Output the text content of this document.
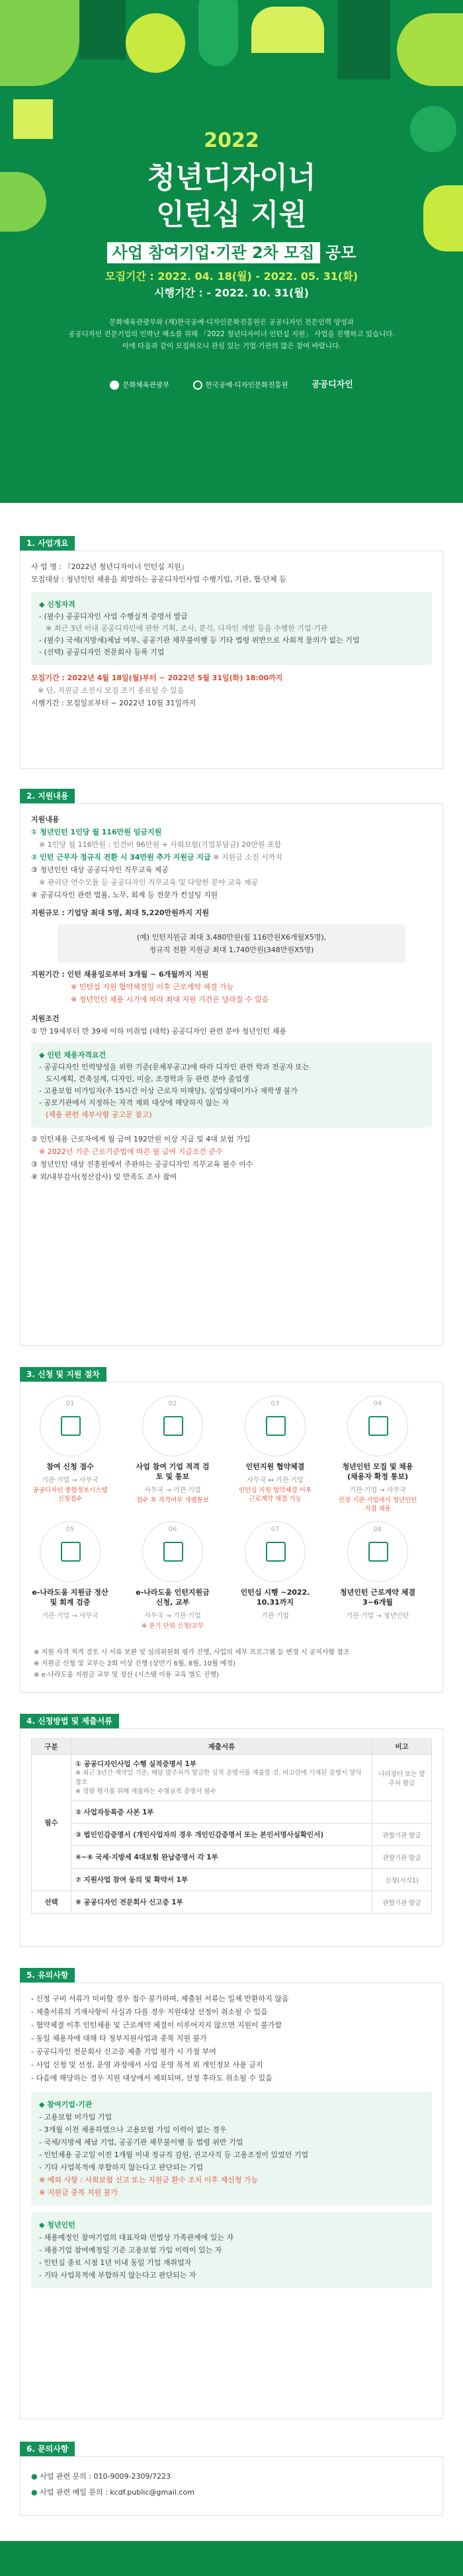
2022
청년디자이너
인턴십 지원
사업 참여기업·기관 2차 모집 공모
모집기간 : 2022. 04. 18(월) - 2022. 05. 31(화)
시행기간 : - 2022. 10. 31(월)
문화체육관광부와 (재)한국공예·디자인문화진흥원은 공공디자인 전문인력 양성과
공공디자인 전문기업의 인력난 해소를 위해 「2022 청년디자이너 인턴십 지원」 사업을 진행하고 있습니다.
이에 다음과 같이 모집하오니 관심 있는 기업·기관의 많은 참여 바랍니다.
문화체육관광부	한국공예·디자인문화진흥원	공공디자인
1. 사업개요
사 업 명 : 『2022년 청년디자이너 인턴십 지원』
모집대상 : 청년인턴 채용을 희망하는 공공디자인사업 수행기업, 기관, 협·단체 등
◆ 신청자격
- (필수) 공공디자인 사업 수행실적 증명서 발급
※ 최근 3년 이내 공공디자인에 관한 기획, 조사, 분석, 디자인 개발 등을 수행한 기업·기관
- (필수) 국세(지방세)체납 여부, 공공기관 채무불이행 등 기타 법령 위반으로 사회적 물의가 없는 기업
- (선택) 공공디자인 전문회사 등록 기업
모집기간 : 2022년 4월 18일(월)부터 ~ 2022년 5월 31일(화) 18:00까지
※ 단, 지원금 소진시 모집 조기 종료될 수 있음
시행기간 : 모집일로부터 ~ 2022년 10월 31일까지
2. 지원내용
지원내용
① 청년인턴 1인당 월 116만원 임금지원
※ 1인당 월 116만원 : 인건비 96만원 + 사회보험(기업부담금) 20만원 포함
② 인턴 근무자 정규직 전환 시 34만원 추가 지원금 지급 ※ 지원금 소진 시까지
③ 청년인턴 대상 공공디자인 직무교육 제공
※ 관리단 연수모듈 등 공공디자인 직무교육 및 다양한 분야 교육 제공
④ 공공디자인 관련 법률, 노무, 회계 등 전문가 컨설팅 지원
지원규모 : 기업당 최대 5명, 최대 5,220만원까지 지원
(예) 인턴지원금 최대 3,480만원(월 116만원X6개월X5명),
정규직 전환 지원금 최대 1,740만원(348만원X5명)
지원기간 : 인턴 채용일로부터 3개월 ~ 6개월까지 지원
※ 인턴십 지원 협약체결일 이후 근로계약 체결 가능
※ 청년인턴 채용 시기에 따라 최대 지원 기간은 달라질 수 있음
지원조건
① 만 19세부터 만 39세 이하 미취업 (대학) 공공디자인 관련 분야 청년인턴 채용
◆ 인턴 채용자격요건
- 공공디자인 인력양성을 위한 기준(문체부공고)에 따라 디자인 관련 학과 전공자 또는
도시계획, 건축설계, 디자인, 미술, 조경학과 등 관련 분야 졸업생
- 고용보험 미가입자(주 15시간 이상 근로자 미해당), 실업상태이거나 재학생 불가
- 공모기관에서 지정하는 자격 제외 대상에 해당하지 않는 자
(채용 관련 세부사항 공고문 참고)
② 인턴채용 근로자에게 월 급여 192만원 이상 지급 및 4대 보험 가입
※ 2022년 기준 근로기준법에 따른 월 급여 지급조건 준수
③ 청년인턴 대상 진흥원에서 주관하는 공공디자인 직무교육 필수 이수
④ 외/내부감사(정산감사) 및 만족도 조사 참여
3. 신청 및 지원 절차
01
참여 신청 접수
기관·기업 → 사무국
공공디자인 종합정보시스템 신청접수
02
사업 참여 기업 적격 검토 및 통보
사무국 → 기관·기업
접수 후 적격여부 개별통보
03
인턴지원 협약체결
사무국 ↔ 기관·기업
인턴십 지원 협약체결 이후 근로계약 체결 가능
04
청년인턴 모집 및 채용(채용자 확정 통보)
기관·기업 → 사무국
선정 기관·기업에서 청년인턴 직접 채용
05
e-나라도움 지원금 정산 및 회계 검증
기관·기업 → 사무국
06
e-나라도움 인턴지원금 신청, 교부
사무국 → 기관·기업
※ 분기 단위 신청/교부
07
인턴십 시행 ~2022. 10.31까지
기관·기업
08
청년인턴 근로계약 체결 3~6개월
기관·기업 → 청년인턴
※ 지원 자격 적격 검토 시 서류 보완 및 심의위원회 평가 진행, 사업의 세부 프로그램 등 변경 시 공지사항 참조
※ 지원금 신청 및 교부는 2회 이상 진행 (상반기 6월, 8월, 10월 예정)
※ e-나라도움 지원금 교부 및 정산 (시스템 이용 교육 별도 진행)
4. 신청방법 및 제출서류
구분	제출서류	비고
필수	① 공공디자인사업 수행 실적증명서 1부
※ 최근 3년간 계약일 기준, 해당 발주처가 발급한 실적 증명서를 제출할 것. 비고란에 기재된 증명서 양식 참조
※ 정량 평가를 위해 제출하는 수행실적 증명서 필수	나라장터 또는 발주처 발급

	② 사업자등록증 사본 1부	

	③ 법인인감증명서 (개인사업자의 경우 개인인감증명서 또는 본인서명사실확인서)	관할기관 발급

	④~⑥ 국세·지방세 4대보험 완납증명서 각 1부	관할기관 발급

	⑦ 지원사업 참여 동의 및 확약서 1부	신청(서식1)
선택	⑧ 공공디자인 전문회사 신고증 1부	관할기관 발급
5. 유의사항
- 신청 구비 서류가 미비할 경우 접수 불가하며, 제출된 서류는 일체 반환하지 않음
- 제출서류의 기재사항이 사실과 다를 경우 지원대상 선정이 취소될 수 있음
- 협약체결 이후 인턴채용 및 근로계약 체결이 이루어지지 않으면 지원이 불가함
- 동일 채용자에 대해 타 정부지원사업과 중복 지원 불가
- 공공디자인 전문회사 신고증 제출 기업 평가 시 가점 부여
- 사업 신청 및 선정, 운영 과정에서 사업 운영 목적 외 개인정보 사용 금지
- 다음에 해당하는 경우 지원 대상에서 제외되며, 선정 후라도 취소될 수 있음
◆ 참여기업·기관
- 고용보험 미가입 기업
- 3개월 이전 채용하였으나 고용보험 가입 이력이 없는 경우
- 국세/지방세 체납 기업, 공공기관 채무불이행 등 법령 위반 기업
- 인턴채용 공고일 이전 1개월 이내 정규직 감원, 권고사직 등 고용조정이 있었던 기업
- 기타 사업목적에 부합하지 않는다고 판단되는 기업
※ 예외 사항 : 사회보험 신고 또는 지원금 환수 조치 이후 재신청 가능
※ 지원금 중복 지원 불가
◆ 청년인턴
- 채용예정인 참여기업의 대표자와 민법상 가족관계에 있는 자
- 채용기업 참여예정일 기준 고용보험 가입 이력이 있는 자
- 인턴십 종료 시점 1년 이내 동일 기업 재취업자
- 기타 사업목적에 부합하지 않는다고 판단되는 자
6. 문의사항
● 사업 관련 문의 : 010-9009-2309/7223
● 사업 관련 메일 문의 : kcdf.public@gmail.com
